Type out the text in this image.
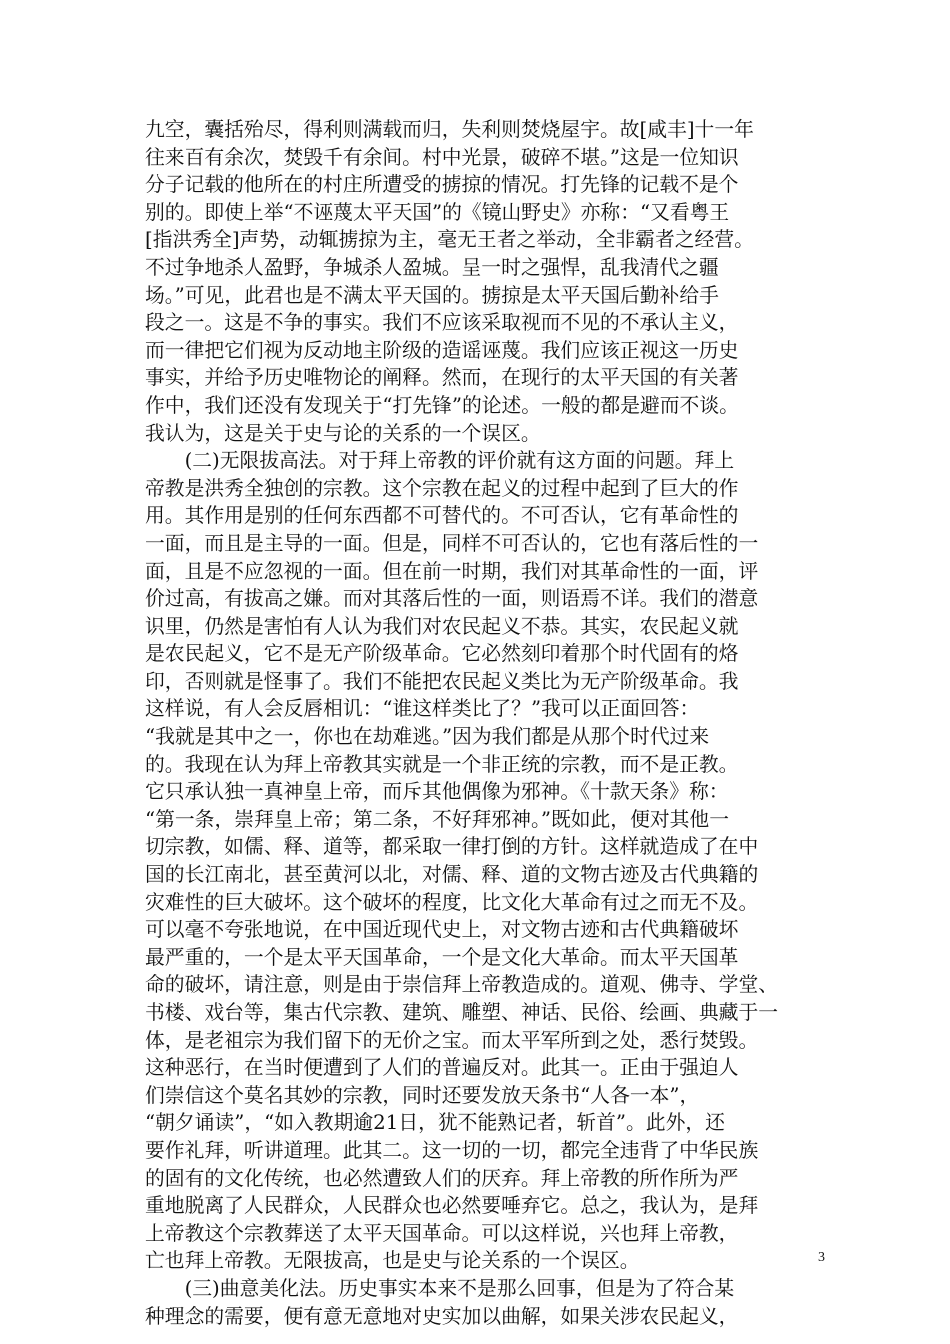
九空，囊括殆尽，得利则满载而归，失利则焚烧屋宇。故[咸丰]十一年
往来百有余次，焚毁千有余间。村中光景，破碎不堪。”这是一位知识
分子记载的他所在的村庄所遭受的掳掠的情况。打先锋的记载不是个
别的。即使上举“不诬蔑太平天国”的《镜山野史》亦称：“又看粤王
[指洪秀全]声势，动辄掳掠为主，毫无王者之举动，全非霸者之经营。
不过争地杀人盈野，争城杀人盈城。呈一时之强悍，乱我清代之疆
场。”可见，此君也是不满太平天国的。掳掠是太平天国后勤补给手
段之一。这是不争的事实。我们不应该采取视而不见的不承认主义，
而一律把它们视为反动地主阶级的造谣诬蔑。我们应该正视这一历史
事实，并给予历史唯物论的阐释。然而，在现行的太平天国的有关著
作中，我们还没有发现关于“打先锋”的论述。一般的都是避而不谈。
我认为，这是关于史与论的关系的一个误区。
　　(二)无限拔高法。对于拜上帝教的评价就有这方面的问题。拜上
帝教是洪秀全独创的宗教。这个宗教在起义的过程中起到了巨大的作
用。其作用是别的任何东西都不可替代的。不可否认，它有革命性的
一面，而且是主导的一面。但是，同样不可否认的，它也有落后性的一
面，且是不应忽视的一面。但在前一时期，我们对其革命性的一面，评
价过高，有拔高之嫌。而对其落后性的一面，则语焉不详。我们的潜意
识里，仍然是害怕有人认为我们对农民起义不恭。其实，农民起义就
是农民起义，它不是无产阶级革命。它必然刻印着那个时代固有的烙
印，否则就是怪事了。我们不能把农民起义类比为无产阶级革命。我
这样说，有人会反唇相讥：“谁这样类比了？”我可以正面回答：
“我就是其中之一，你也在劫难逃。”因为我们都是从那个时代过来
的。我现在认为拜上帝教其实就是一个非正统的宗教，而不是正教。
它只承认独一真神皇上帝，而斥其他偶像为邪神。《十款天条》称：
“第一条，崇拜皇上帝；第二条，不好拜邪神。”既如此，便对其他一
切宗教，如儒、释、道等，都采取一律打倒的方针。这样就造成了在中
国的长江南北，甚至黄河以北，对儒、释、道的文物古迹及古代典籍的
灾难性的巨大破坏。这个破坏的程度，比文化大革命有过之而无不及。
可以毫不夸张地说，在中国近现代史上，对文物古迹和古代典籍破坏
最严重的，一个是太平天国革命，一个是文化大革命。而太平天国革
命的破坏，请注意，则是由于崇信拜上帝教造成的。道观、佛寺、学堂、
书楼、戏台等，集古代宗教、建筑、雕塑、神话、民俗、绘画、典藏于一
体，是老祖宗为我们留下的无价之宝。而太平军所到之处，悉行焚毁。
这种恶行，在当时便遭到了人们的普遍反对。此其一。正由于强迫人
们崇信这个莫名其妙的宗教，同时还要发放天条书“人各一本”，
“朝夕诵读”，“如入教期逾21日，犹不能熟记者，斩首”。此外，还
要作礼拜，听讲道理。此其二。这一切的一切，都完全违背了中华民族
的固有的文化传统，也必然遭致人们的厌弃。拜上帝教的所作所为严
重地脱离了人民群众，人民群众也必然要唾弃它。总之，我认为，是拜
上帝教这个宗教葬送了太平天国革命。可以这样说，兴也拜上帝教，
亡也拜上帝教。无限拔高，也是史与论关系的一个误区。
　　(三)曲意美化法。历史事实本来不是那么回事，但是为了符合某
种理念的需要，便有意无意地对史实加以曲解，如果关涉农民起义，
3
